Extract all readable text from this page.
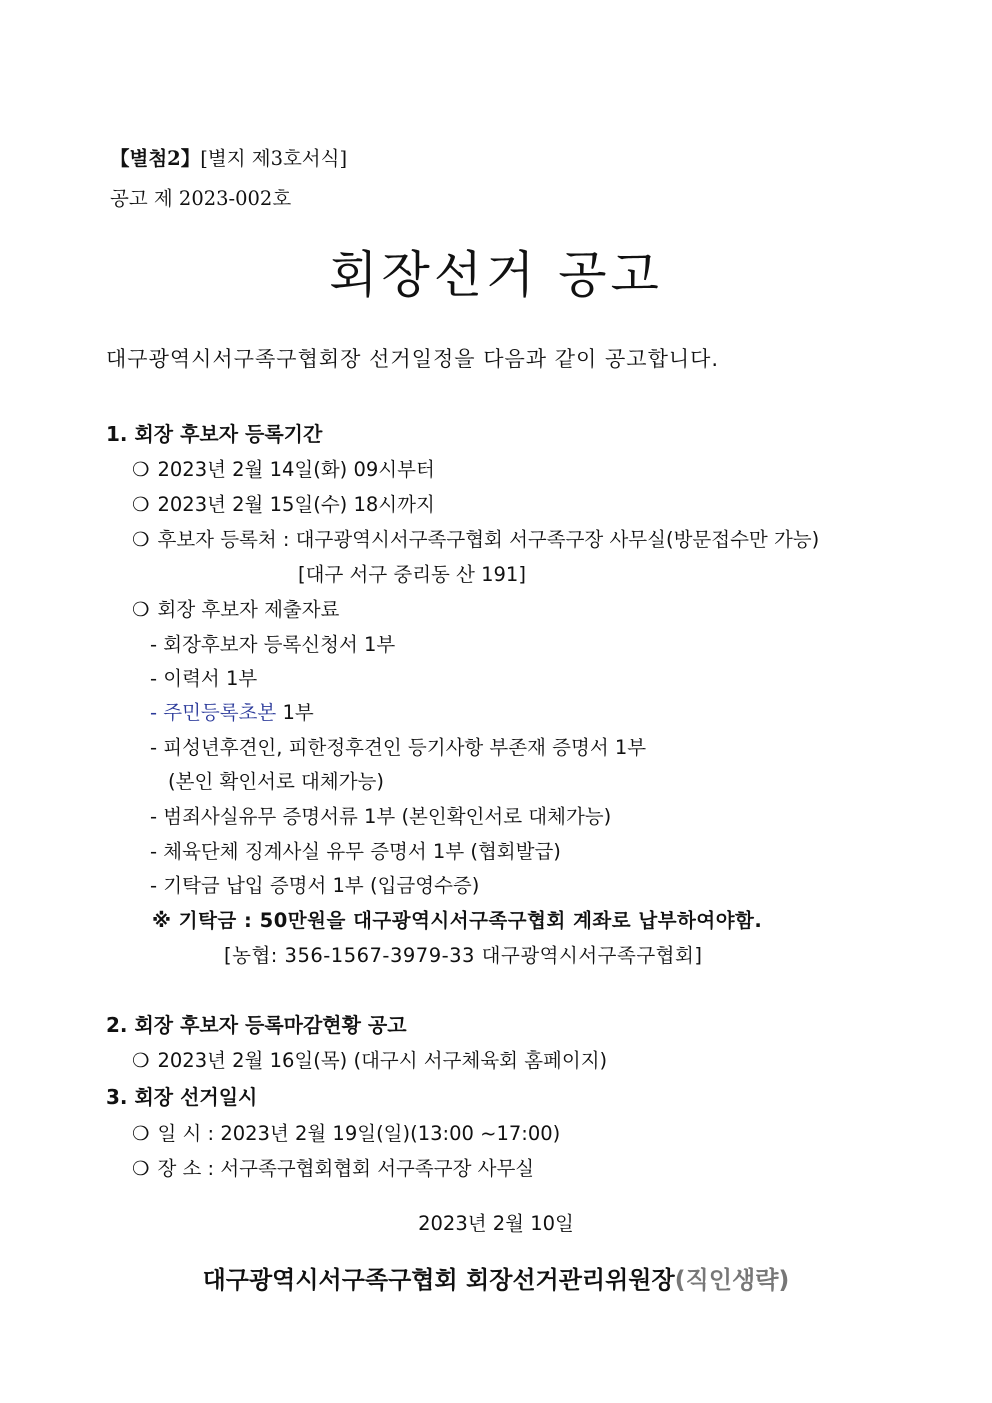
【별첨2】[별지 제3호서식]
공고 제 2023-002호
회장선거 공고
대구광역시서구족구협회장 선거일정을 다음과 같이 공고합니다.
1. 회장 후보자 등록기간
❍ 2023년 2월 14일(화) 09시부터
❍ 2023년 2월 15일(수) 18시까지
❍ 후보자 등록처 : 대구광역시서구족구협회 서구족구장 사무실(방문접수만 가능)
[대구 서구 중리동 산 191]
❍ 회장 후보자 제출자료
- 회장후보자 등록신청서 1부
- 이력서 1부
- 주민등록초본 1부
- 피성년후견인, 피한정후견인 등기사항 부존재 증명서 1부
(본인 확인서로 대체가능)
- 범죄사실유무 증명서류 1부 (본인확인서로 대체가능)
- 체육단체 징계사실 유무 증명서 1부 (협회발급)
- 기탁금 납입 증명서 1부 (입금영수증)
※ 기탁금 : 50만원을 대구광역시서구족구협회 계좌로 납부하여야함.
[농협: 356-1567-3979-33 대구광역시서구족구협회]
2. 회장 후보자 등록마감현황 공고
❍ 2023년 2월 16일(목) (대구시 서구체육회 홈페이지)
3. 회장 선거일시
❍ 일 시 : 2023년 2월 19일(일)(13:00 ~17:00)
❍ 장 소 : 서구족구협회협회 서구족구장 사무실
2023년 2월 10일
대구광역시서구족구협회 회장선거관리위원장(직인생략)
